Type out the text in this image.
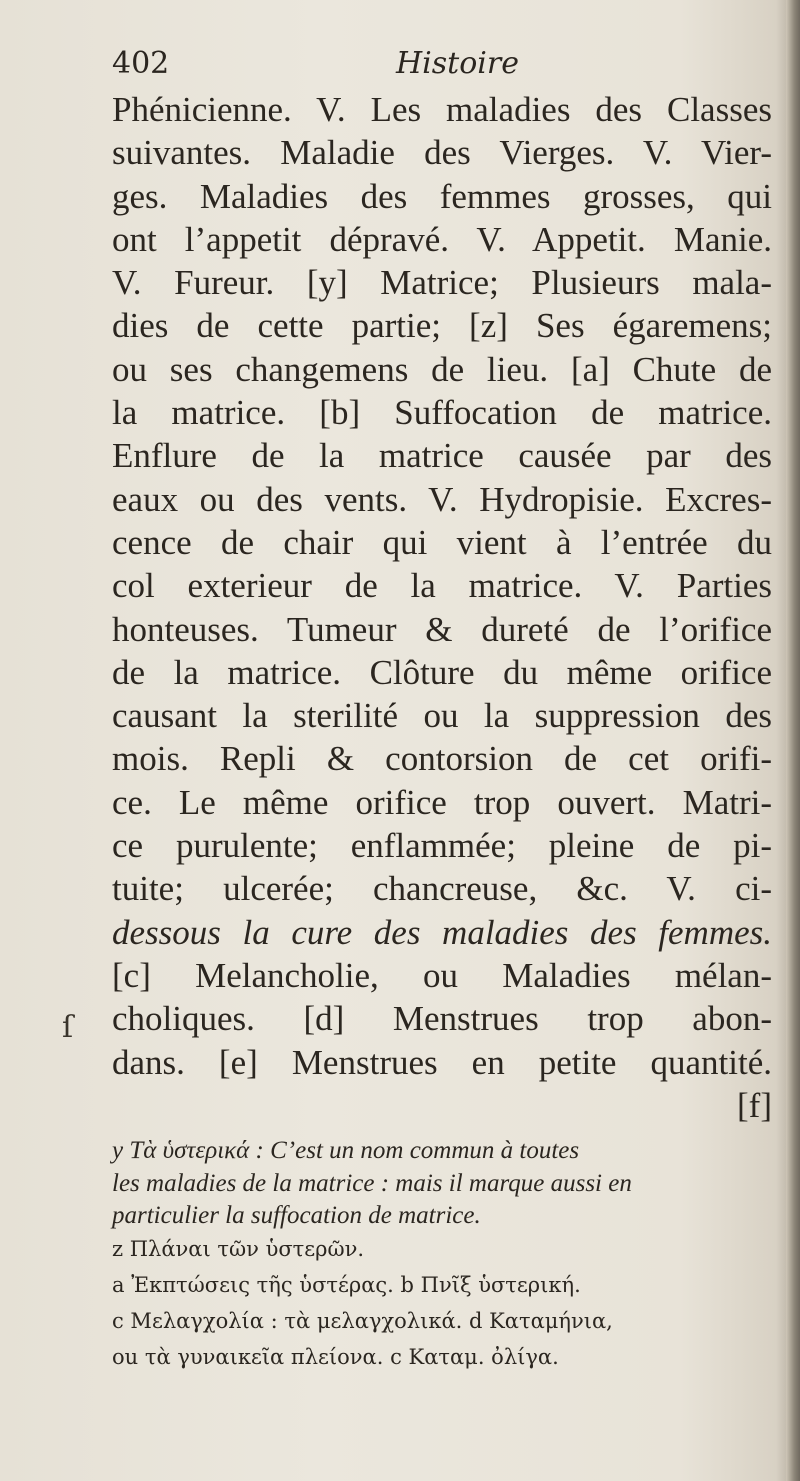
402	Histoire
Phénicienne. V. Les maladies des Classes
suivantes. Maladie des Vierges. V. Vier-
ges. Maladies des femmes grosses, qui
ont l’appetit dépravé. V. Appetit. Manie.
V. Fureur. [y] Matrice; Plusieurs mala-
dies de cette partie; [z] Ses égaremens;
ou ses changemens de lieu. [a] Chute de
la matrice. [b] Suffocation de matrice.
Enflure de la matrice causée par des
eaux ou des vents. V. Hydropisie. Excres-
cence de chair qui vient à l’entrée du
col exterieur de la matrice. V. Parties
honteuses. Tumeur & dureté de l’orifice
de la matrice. Clôture du même orifice
causant la sterilité ou la suppression des
mois. Repli & contorsion de cet orifi-
ce. Le même orifice trop ouvert. Matri-
ce purulente; enflammée; pleine de pi-
tuite; ulcerée; chancreuse, &c. V. ci-
dessous la cure des maladies des femmes.
[c] Melancholie, ou Maladies mélan-
choliques. [d] Menstrues trop abon-
dans. [e] Menstrues en petite quantité.
[f]
ſ
y Τὰ ὑστερικά : C’est un nom commun à toutes
les maladies de la matrice : mais il marque aussi en
particulier la suffocation de matrice.
z Πλάναι τῶν ὑστερῶν.
a Ἐκπτώσεις τῆς ὑστέρας. b Πνῖξ ὑστερική.
c Μελαγχολία : τὰ μελαγχολικά. d Καταμήνια,
ou τὰ γυναικεῖα πλείονα. c Καταμ. ὀλίγα.
